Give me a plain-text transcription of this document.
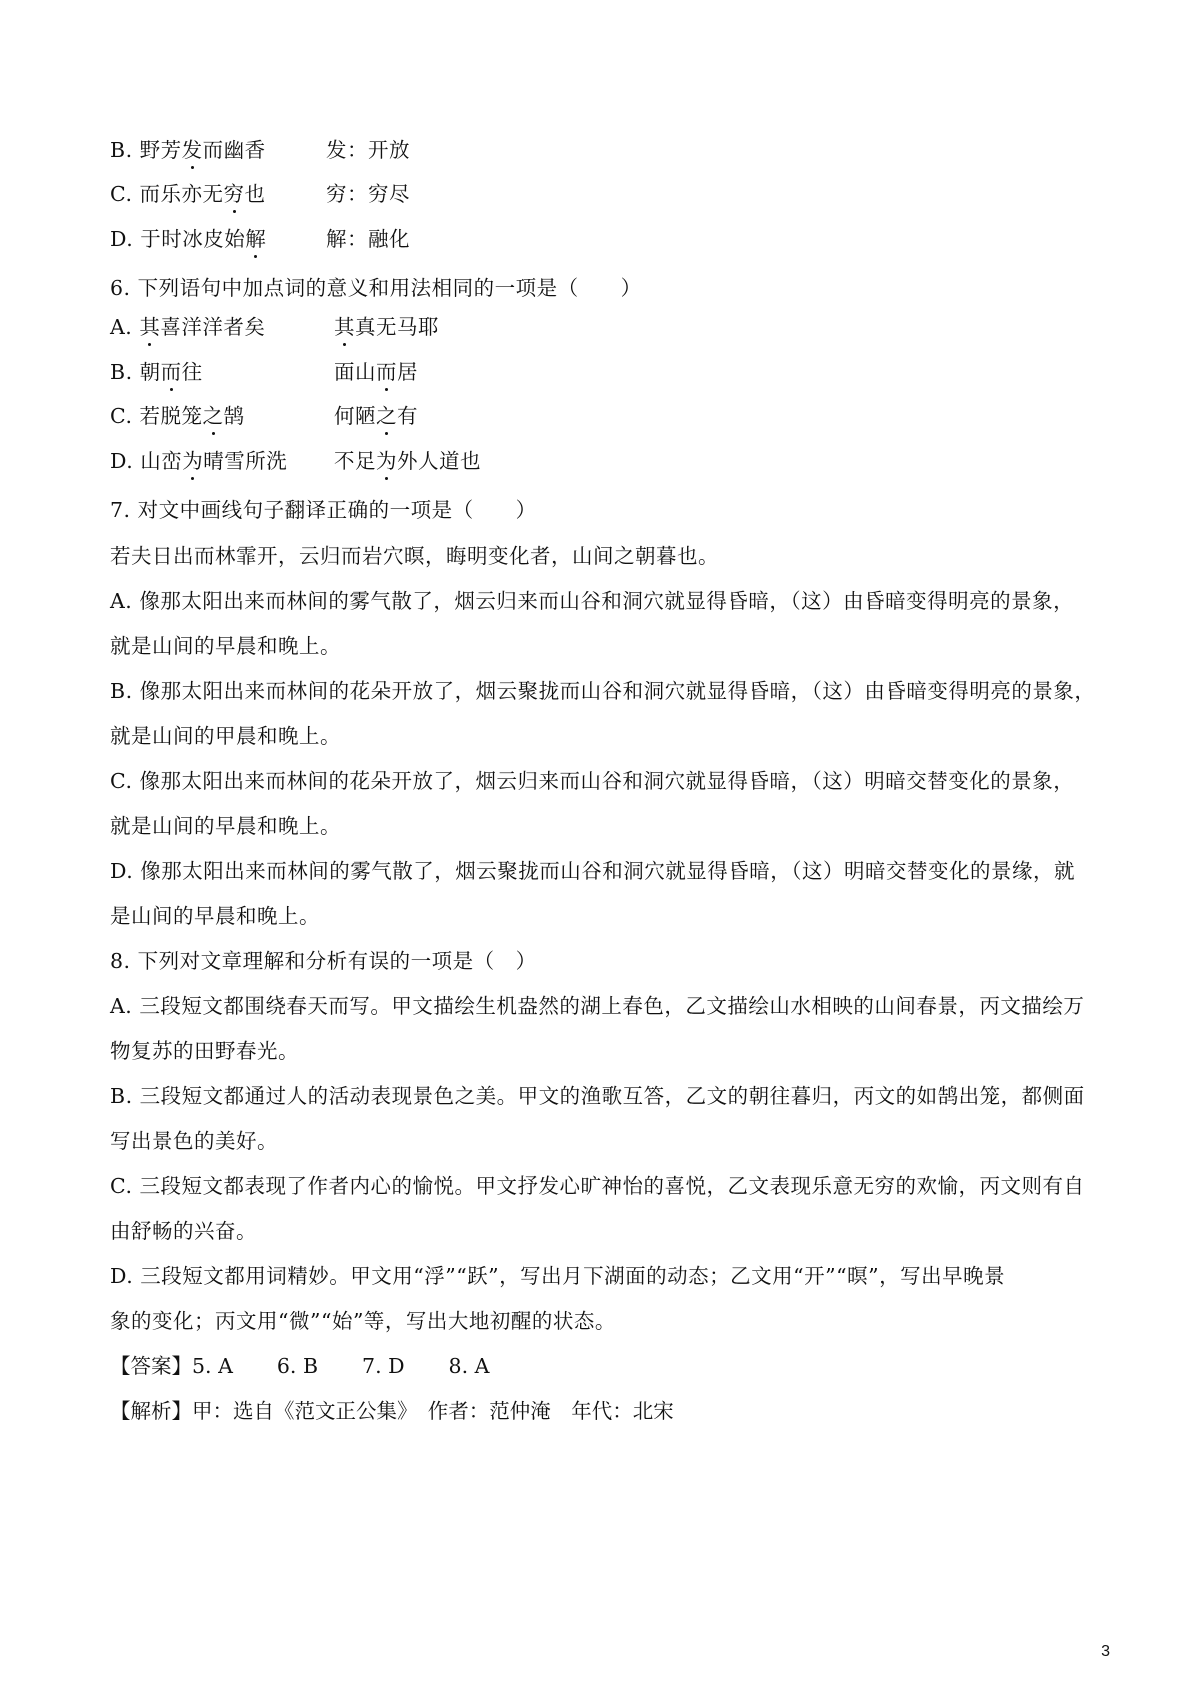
B. 野芳发而幽香	发：开放
C. 而乐亦无穷也	穷：穷尽
D. 于时冰皮始解	解：融化
6. 下列语句中加点词的意义和用法相同的一项是（　　）
A. 其喜洋洋者矣	其真无马耶
B. 朝而往	面山而居
C. 若脱笼之鹄	何陋之有
D. 山峦为晴雪所洗 不足为外人道也
7. 对文中画线句子翻译正确的一项是（　　）
若夫日出而林霏开，云归而岩穴暝，晦明变化者，山间之朝暮也。
A. 像那太阳出来而林间的雾气散了，烟云归来而山谷和洞穴就显得昏暗，（这）由昏暗变得明亮的景象，
就是山间的早晨和晚上。
B. 像那太阳出来而林间的花朵开放了，烟云聚拢而山谷和洞穴就显得昏暗，（这）由昏暗变得明亮的景象，
就是山间的甲晨和晚上。
C. 像那太阳出来而林间的花朵开放了，烟云归来而山谷和洞穴就显得昏暗，（这）明暗交替变化的景象，
就是山间的早晨和晚上。
D. 像那太阳出来而林间的雾气散了，烟云聚拢而山谷和洞穴就显得昏暗，（这）明暗交替变化的景缘，就
是山间的早晨和晚上。
8. 下列对文章理解和分析有误的一项是（　）
A. 三段短文都围绕春天而写。甲文描绘生机盎然的湖上春色，乙文描绘山水相映的山间春景，丙文描绘万
物复苏的田野春光。
B. 三段短文都通过人的活动表现景色之美。甲文的渔歌互答，乙文的朝往暮归，丙文的如鹄出笼，都侧面
写出景色的美好。
C. 三段短文都表现了作者内心的愉悦。甲文抒发心旷神怡的喜悦，乙文表现乐意无穷的欢愉，丙文则有自
由舒畅的兴奋。
D. 三段短文都用词精妙。甲文用“浮”“跃”，写出月下湖面的动态；乙文用“开”“暝”，写出早晚景
象的变化；丙文用“微”“始”等，写出大地初醒的状态。
【答案】5. A 6. B 7. D 8. A
【解析】甲：选自《范文正公集》　作者：范仲淹　年代：北宋
3
